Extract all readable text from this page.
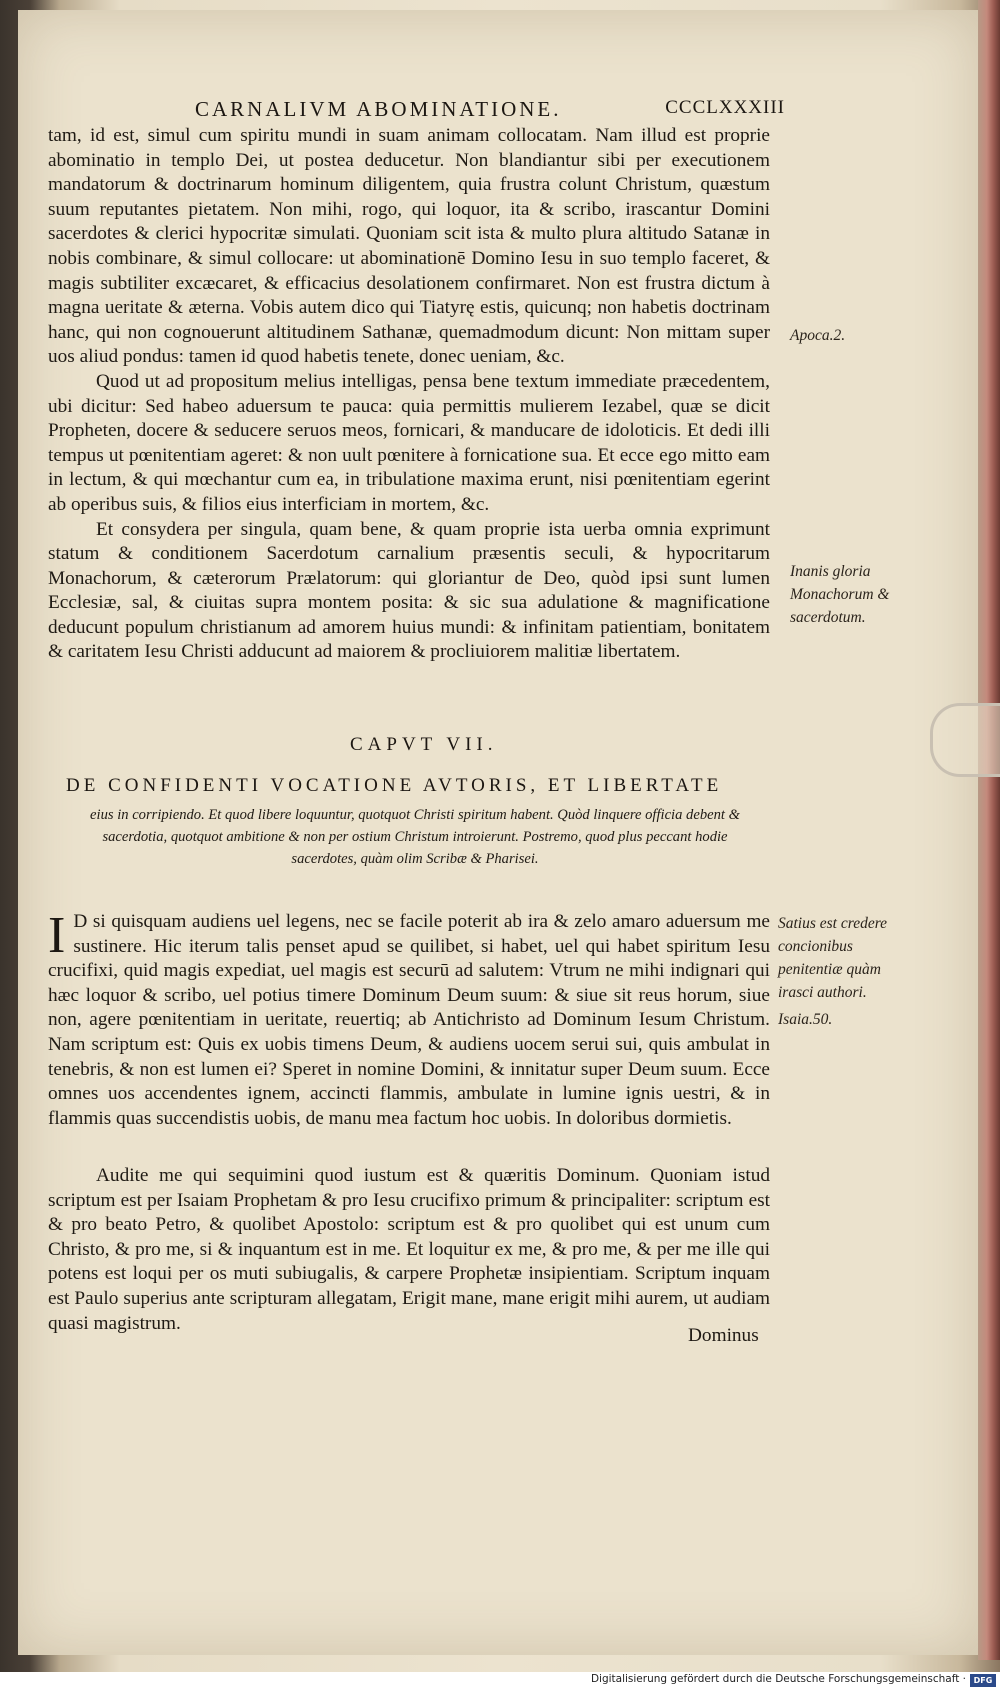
CARNALIVM ABOMINATIONE.	CCCLXXXIII

tam, id est, simul cum spiritu mundi in suam animam collocatam. Nam illud est proprie abominatio in templo Dei, ut postea deducetur. Non blandiantur sibi per executionem mandatorum & doctrinarum hominum diligentem, quia frustra colunt Christum, quæstum suum reputantes pietatem. Non mihi, rogo, qui loquor, ita & scribo, irascantur Domini sacerdotes & clerici hypocritæ simulati. Quoniam scit ista & multo plura altitudo Satanæ in nobis combinare, & simul collocare: ut abominationē Domino Iesu in suo templo faceret, & magis subtiliter excæcaret, & efficacius desolationem confirmaret. Non est frustra dictum à magna ueritate & æterna. Vobis autem dico qui Tiatyrę estis, quicunq; non habetis doctrinam hanc, qui non cognouerunt altitudinem Sathanæ, quemadmodum dicunt: Non mittam super uos aliud pondus: tamen id quod habetis tenete, donec ueniam, &c.

Quod ut ad propositum melius intelligas, pensa bene textum immediate præcedentem, ubi dicitur: Sed habeo aduersum te pauca: quia permittis mulierem Iezabel, quæ se dicit Propheten, docere & seducere seruos meos, fornicari, & manducare de idoloticis. Et dedi illi tempus ut pœnitentiam ageret: & non uult pœnitere à fornicatione sua. Et ecce ego mitto eam in lectum, & qui mœchantur cum ea, in tribulatione maxima erunt, nisi pœnitentiam egerint ab operibus suis, & filios eius interficiam in mortem, &c.

Et consydera per singula, quam bene, & quam proprie ista uerba omnia exprimunt statum & conditionem Sacerdotum carnalium præsentis seculi, & hypocritarum Monachorum, & cæterorum Prælatorum: qui gloriantur de Deo, quòd ipsi sunt lumen Ecclesiæ, sal, & ciuitas supra montem posita: & sic sua adulatione & magnificatione deducunt populum christianum ad amorem huius mundi: & infinitam patientiam, bonitatem & caritatem Iesu Christi adducunt ad maiorem & procliuiorem malitiæ libertatem.

Apoca.2.
Inanis gloria Monachorum & sacerdotum.
CAPVT VII.
DE CONFIDENTI VOCATIONE AVTORIS, ET LIBERTATE
eius in corripiendo. Et quod libere loquuntur, quotquot Christi spiritum habent. Quòd linquere officia debent & sacerdotia, quotquot ambitione & non per ostium Christum introierunt. Postremo, quod plus peccant hodie sacerdotes, quàm olim Scribæ & Pharisei.
I D si quisquam audiens uel legens, nec se facile poterit ab ira & zelo amaro aduersum me sustinere. Hic iterum talis penset apud se quilibet, si habet, uel qui habet spiritum Iesu crucifixi, quid magis expediat, uel magis est securū ad salutem: Vtrum ne mihi indignari qui hæc loquor & scribo, uel potius timere Dominum Deum suum: & siue sit reus horum, siue non, agere pœnitentiam in ueritate, reuertiq; ab Antichristo ad Dominum Iesum Christum. Nam scriptum est: Quis ex uobis timens Deum, & audiens uocem serui sui, quis ambulat in tenebris, & non est lumen ei? Speret in nomine Domini, & innitatur super Deum suum. Ecce omnes uos accendentes ignem, accincti flammis, ambulate in lumine ignis uestri, & in flammis quas succendistis uobis, de manu mea factum hoc uobis. In doloribus dormietis.
Satius est credere concionibus penitentiæ quàm irasci authori.
Isaia.50.
Audite me qui sequimini quod iustum est & quæritis Dominum. Quoniam istud scriptum est per Isaiam Prophetam & pro Iesu crucifixo primum & principaliter: scriptum est & pro beato Petro, & quolibet Apostolo: scriptum est & pro quolibet qui est unum cum Christo, & pro me, si & inquantum est in me. Et loquitur ex me, & pro me, & per me ille qui potens est loqui per os muti subiugalis, & carpere Prophetæ insipientiam. Scriptum inquam est Paulo superius ante scripturam allegatam, Erigit mane, mane erigit mihi aurem, ut audiam quasi magistrum.
Dominus
Digitalisierung gefördert durch die Deutsche Forschungsgemeinschaft · DFG
